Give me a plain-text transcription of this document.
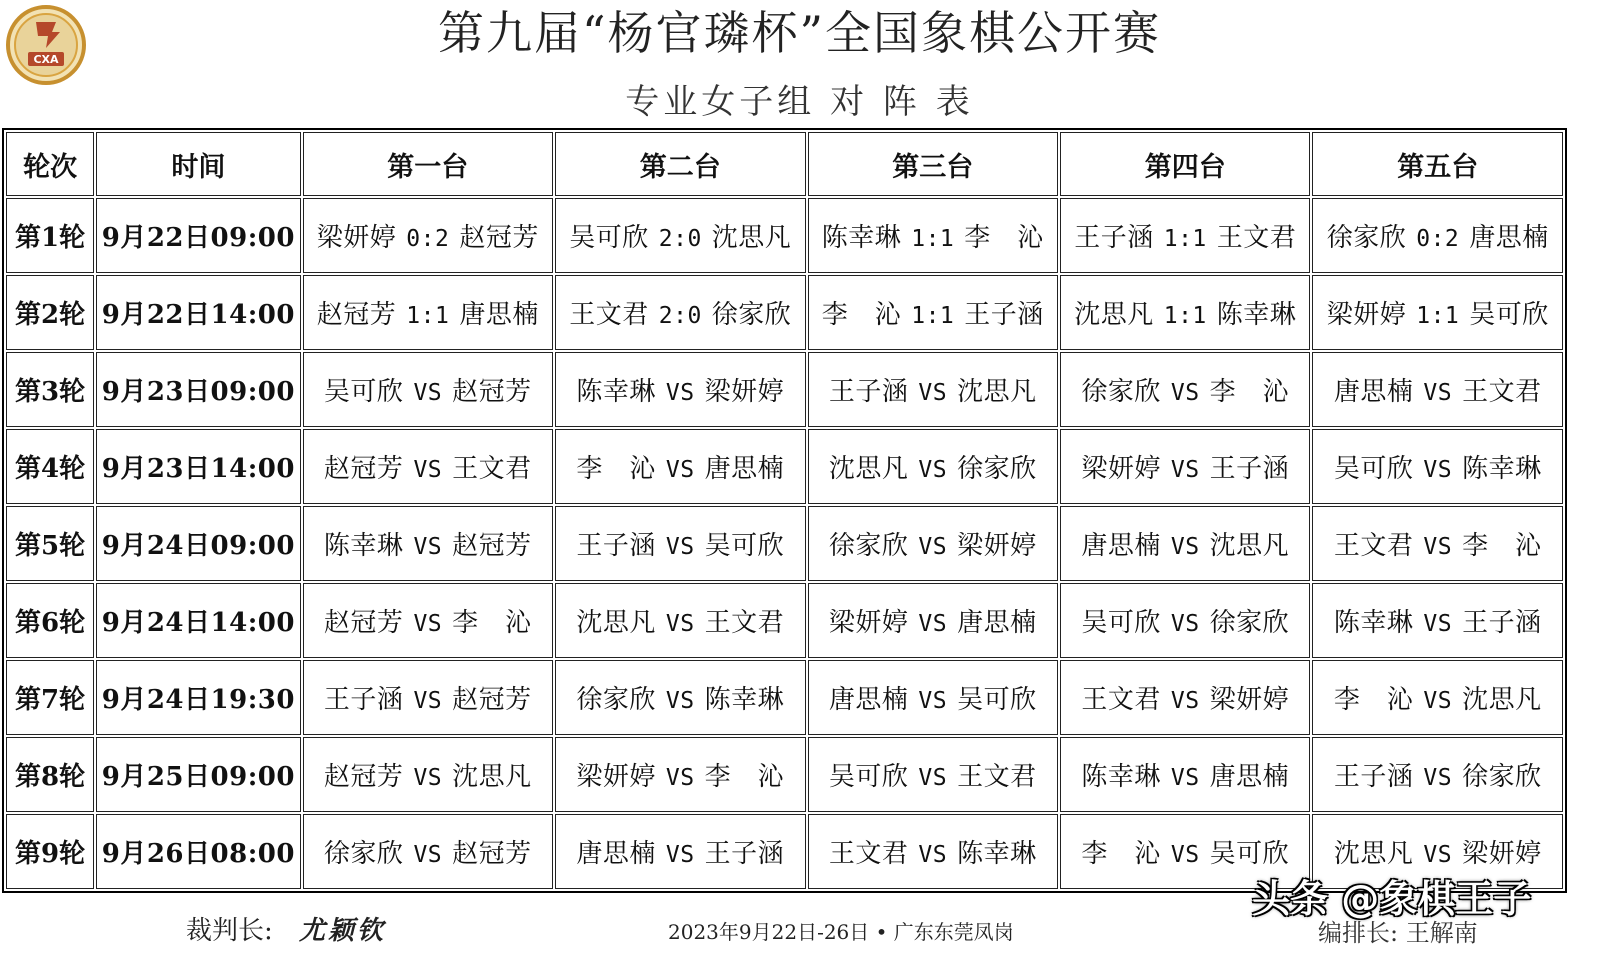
CXA	第九届“杨官璘杯”全国象棋公开赛
专业女子组 对 阵 表
轮次	时间	第一台	第二台	第三台	第四台	第五台
第1轮	9月22日09:00	梁妍婷 0:2 赵冠芳	吴可欣 2:0 沈思凡	陈幸琳 1:1 李　沁	王子涵 1:1 王文君	徐家欣 0:2 唐思楠
第2轮	9月22日14:00	赵冠芳 1:1 唐思楠	王文君 2:0 徐家欣	李　沁 1:1 王子涵	沈思凡 1:1 陈幸琳	梁妍婷 1:1 吴可欣
第3轮	9月23日09:00	吴可欣 VS 赵冠芳	陈幸琳 VS 梁妍婷	王子涵 VS 沈思凡	徐家欣 VS 李　沁	唐思楠 VS 王文君
第4轮	9月23日14:00	赵冠芳 VS 王文君	李　沁 VS 唐思楠	沈思凡 VS 徐家欣	梁妍婷 VS 王子涵	吴可欣 VS 陈幸琳
第5轮	9月24日09:00	陈幸琳 VS 赵冠芳	王子涵 VS 吴可欣	徐家欣 VS 梁妍婷	唐思楠 VS 沈思凡	王文君 VS 李　沁
第6轮	9月24日14:00	赵冠芳 VS 李　沁	沈思凡 VS 王文君	梁妍婷 VS 唐思楠	吴可欣 VS 徐家欣	陈幸琳 VS 王子涵
第7轮	9月24日19:30	王子涵 VS 赵冠芳	徐家欣 VS 陈幸琳	唐思楠 VS 吴可欣	王文君 VS 梁妍婷	李　沁 VS 沈思凡
第8轮	9月25日09:00	赵冠芳 VS 沈思凡	梁妍婷 VS 李　沁	吴可欣 VS 王文君	陈幸琳 VS 唐思楠	王子涵 VS 徐家欣
第9轮	9月26日08:00	徐家欣 VS 赵冠芳	唐思楠 VS 王子涵	王文君 VS 陈幸琳	李　沁 VS 吴可欣	沈思凡 VS 梁妍婷
裁判长: 尤颖钦	2023年9月22日-26日 • 广东东莞凤岗	编排长: 王解南
头条 @象棋王子
